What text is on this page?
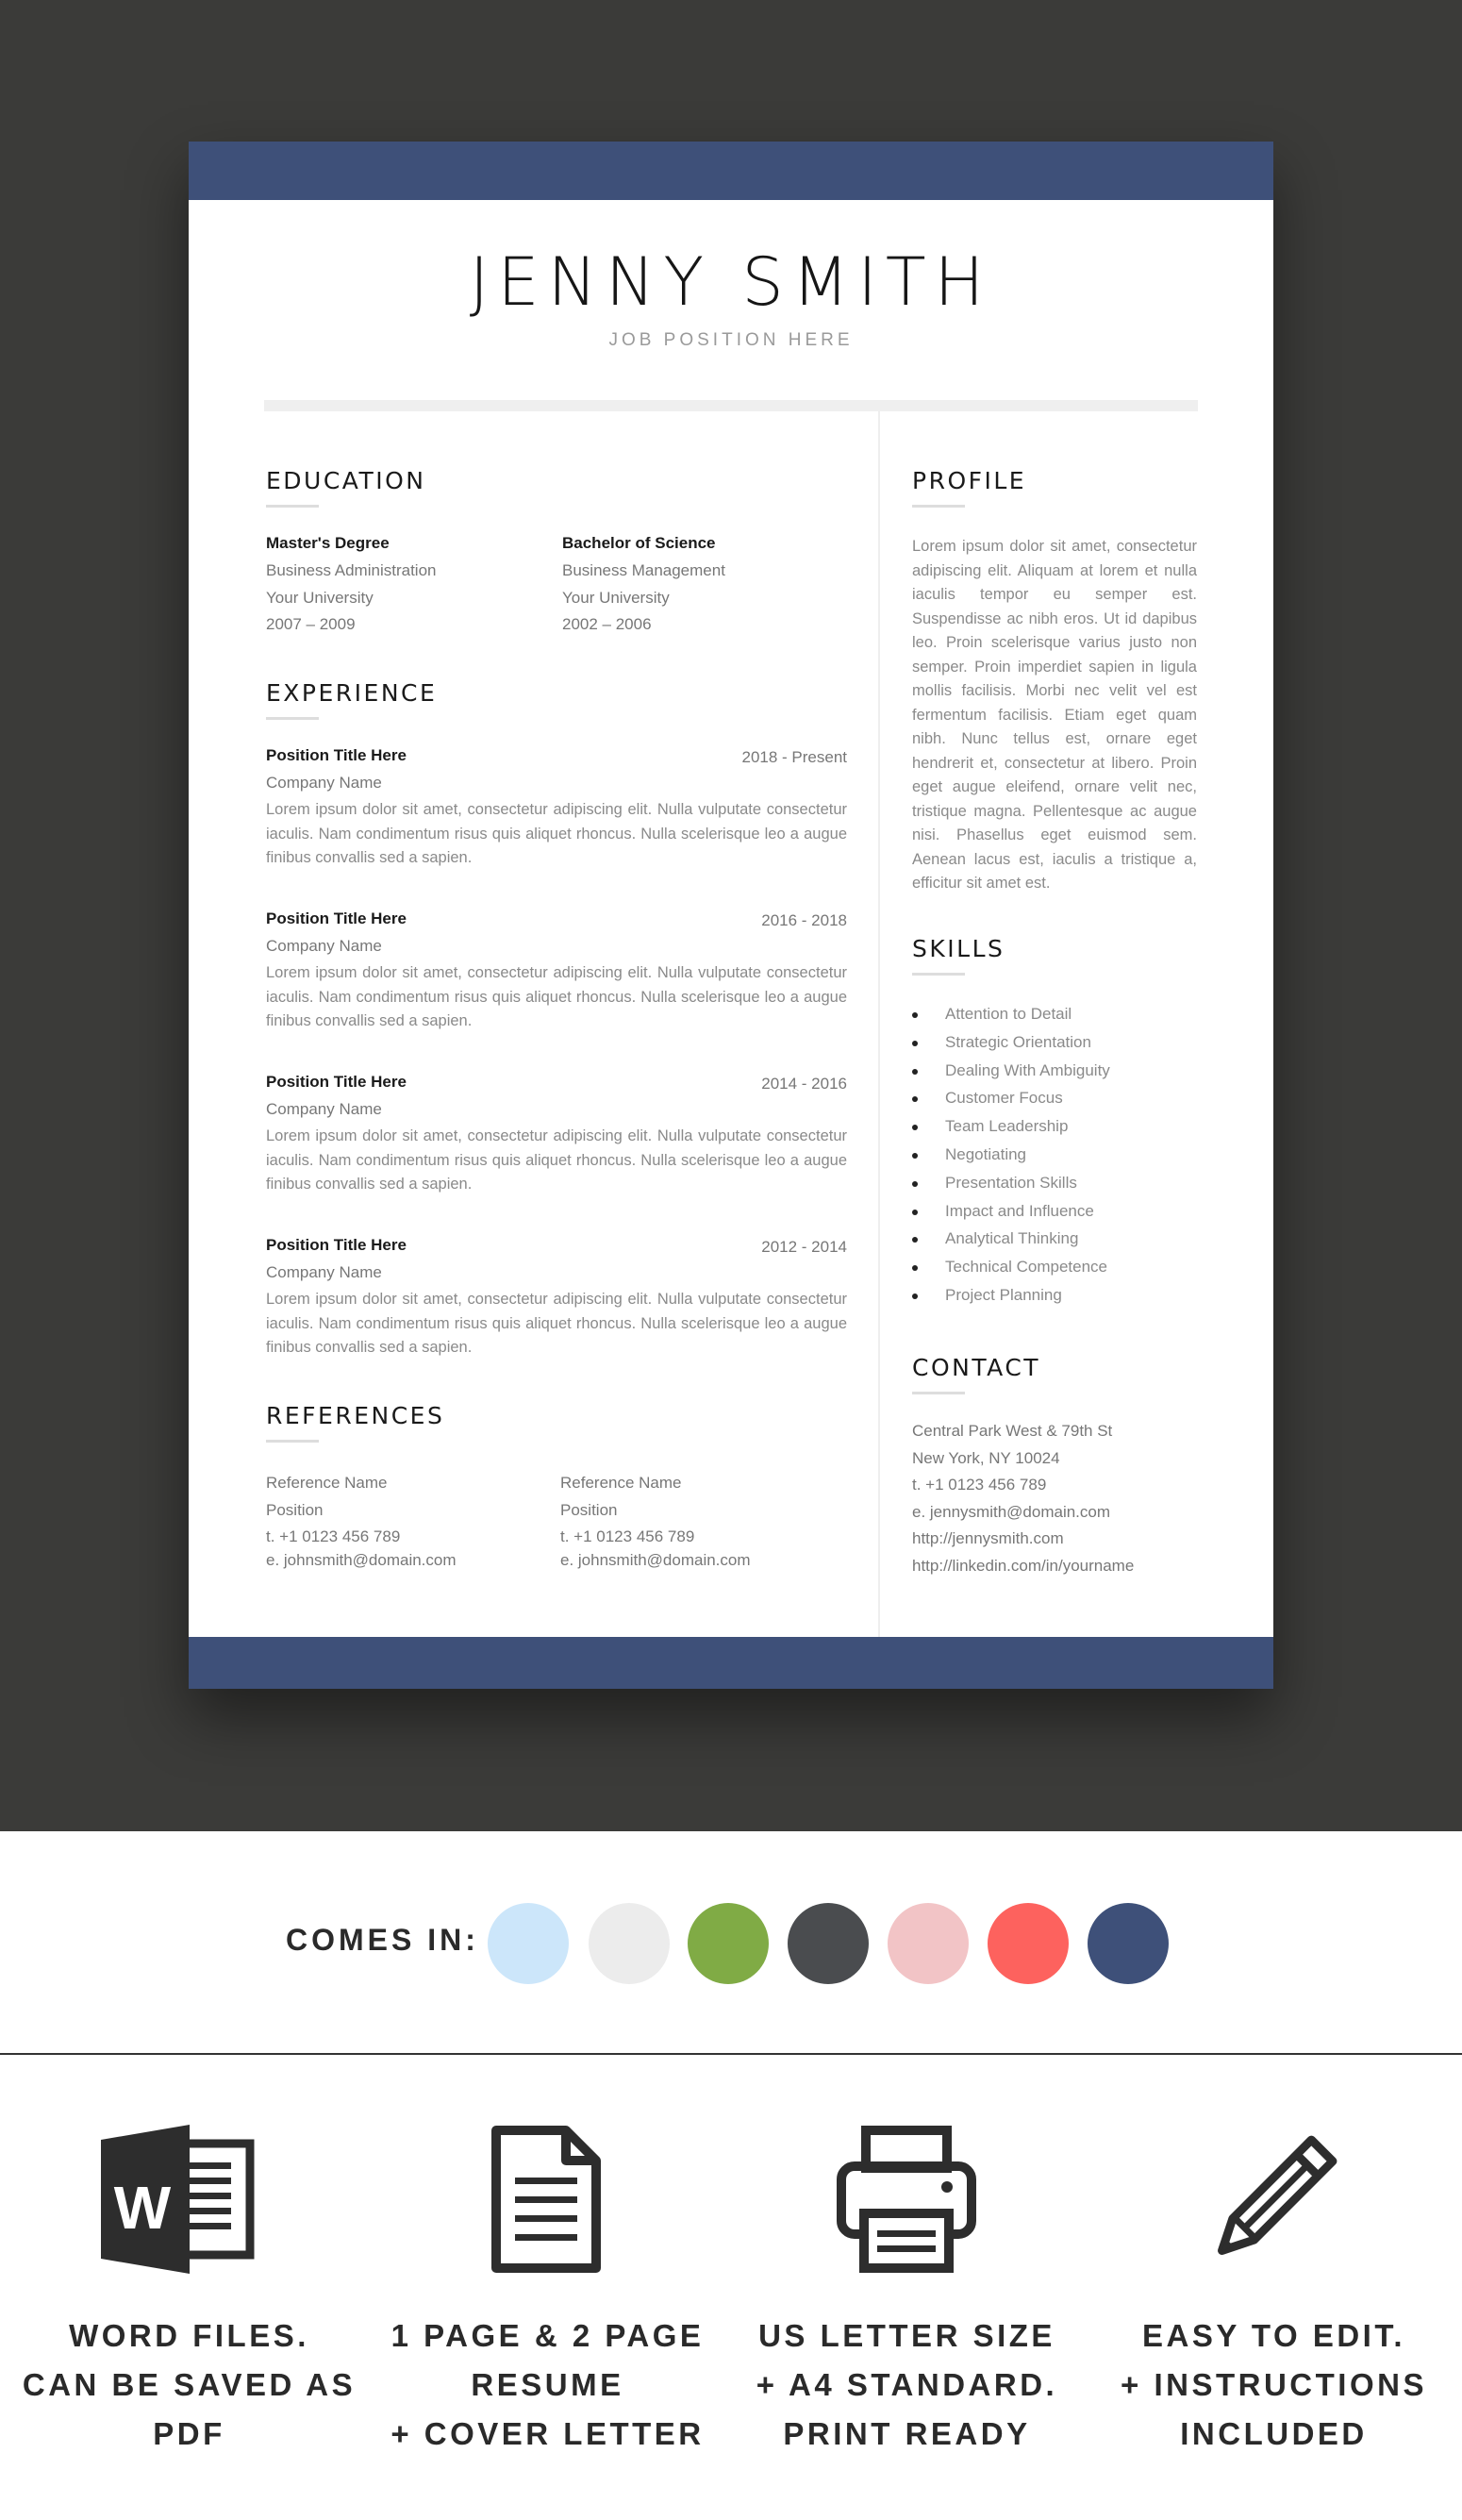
JENNY SMITH
JOB POSITION HERE
EDUCATION
Master's Degree
Business Administration
Your University
2007 – 2009
Bachelor of Science
Business Management
Your University
2002 – 2006
EXPERIENCE
Position Title Here	2018 - Present
Company Name
Lorem ipsum dolor sit amet, consectetur adipiscing elit. Nulla vulputate consectetur iaculis. Nam condimentum risus quis aliquet rhoncus. Nulla scelerisque leo a augue finibus convallis sed a sapien.
Position Title Here	2016 - 2018
Company Name
Lorem ipsum dolor sit amet, consectetur adipiscing elit. Nulla vulputate consectetur iaculis. Nam condimentum risus quis aliquet rhoncus. Nulla scelerisque leo a augue finibus convallis sed a sapien.
Position Title Here	2014 - 2016
Company Name
Lorem ipsum dolor sit amet, consectetur adipiscing elit. Nulla vulputate consectetur iaculis. Nam condimentum risus quis aliquet rhoncus. Nulla scelerisque leo a augue finibus convallis sed a sapien.
Position Title Here	2012 - 2014
Company Name
Lorem ipsum dolor sit amet, consectetur adipiscing elit. Nulla vulputate consectetur iaculis. Nam condimentum risus quis aliquet rhoncus. Nulla scelerisque leo a augue finibus convallis sed a sapien.
REFERENCES
Reference Name
Position
t. +1 0123 456 789
e. johnsmith@domain.com
Reference Name
Position
t. +1 0123 456 789
e. johnsmith@domain.com
PROFILE
Lorem ipsum dolor sit amet, consectetur adipiscing elit. Aliquam at lorem et nulla iaculis tempor eu semper est. Suspendisse ac nibh eros. Ut id dapibus leo. Proin scelerisque varius justo non semper. Proin imperdiet sapien in ligula mollis facilisis. Morbi nec velit vel est fermentum facilisis. Etiam eget quam nibh. Nunc tellus est, ornare eget hendrerit et, consectetur at libero. Proin eget augue eleifend, ornare velit nec, tristique magna. Pellentesque ac augue nisi. Phasellus eget euismod sem. Aenean lacus est, iaculis a tristique a, efficitur sit amet est.
SKILLS
Attention to Detail
Strategic Orientation
Dealing With Ambiguity
Customer Focus
Team Leadership
Negotiating
Presentation Skills
Impact and Influence
Analytical Thinking
Technical Competence
Project Planning
CONTACT
Central Park West & 79th St
New York, NY 10024
t. +1 0123 456 789
e. jennysmith@domain.com
http://jennysmith.com
http://linkedin.com/in/yourname
COMES IN:
W
WORD FILES.
CAN BE SAVED AS
PDF
1 PAGE & 2 PAGE
RESUME
+ COVER LETTER
US LETTER SIZE
+ A4 STANDARD.
PRINT READY
EASY TO EDIT.
+ INSTRUCTIONS
INCLUDED
